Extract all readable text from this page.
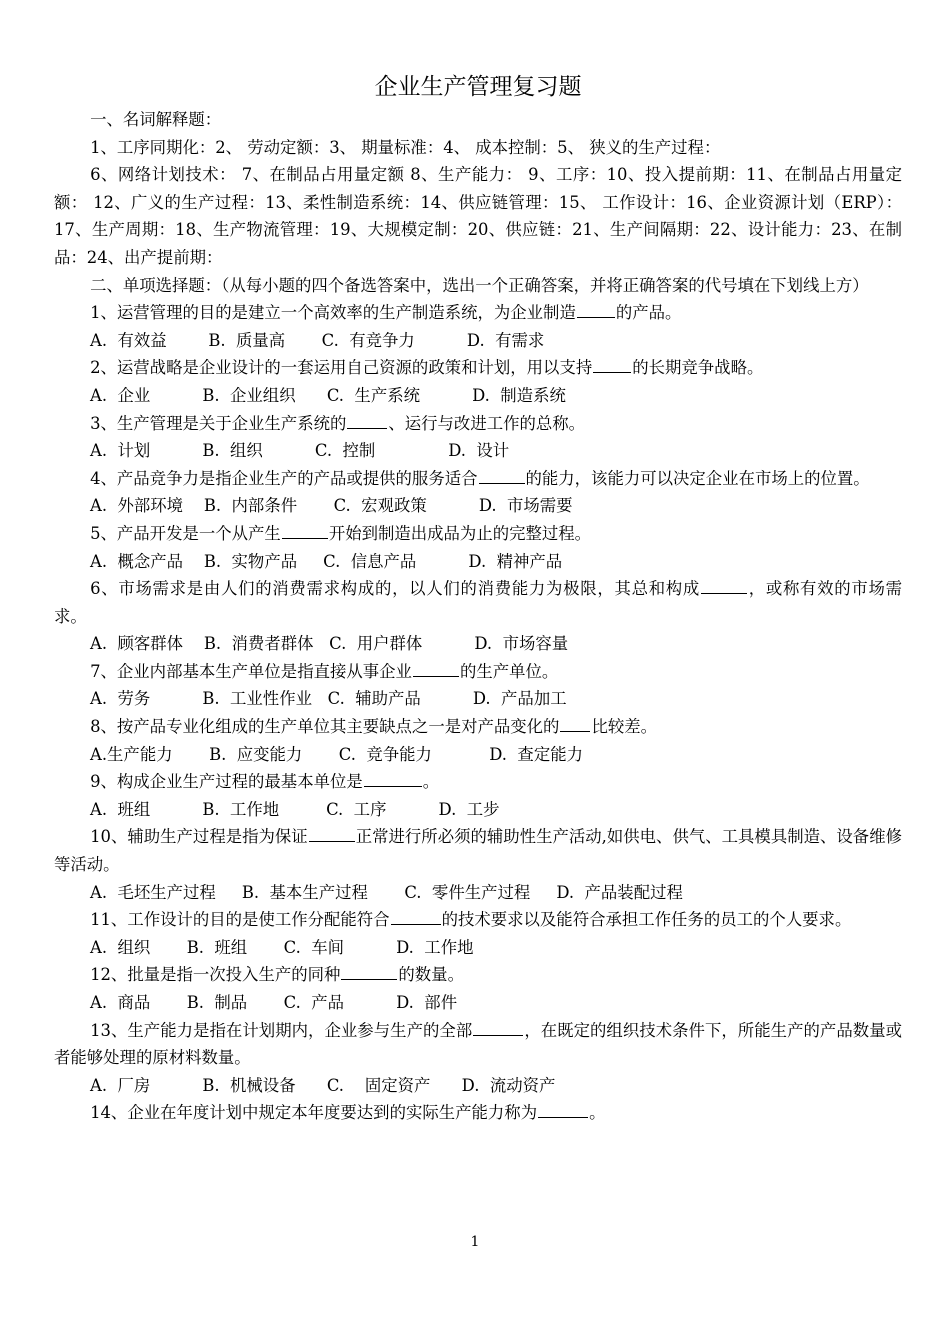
企业生产管理复习题

一、名词解释题：

1、工序同期化：2、 劳动定额：3、 期量标准：4、 成本控制：5、 狭义的生产过程：

6、网络计划技术： 7、在制品占用量定额 8、生产能力： 9、工序：10、投入提前期：11、在制品占用量定额： 12、广义的生产过程：13、柔性制造系统：14、供应链管理：15、 工作设计：16、企业资源计划（ERP）：17、生产周期：18、生产物流管理：19、大规模定制：20、供应链：21、生产间隔期：22、设计能力：23、在制品：24、出产提前期：

二、单项选择题：（从每小题的四个备选答案中，选出一个正确答案，并将正确答案的代号填在下划线上方）

1、运营管理的目的是建立一个高效率的生产制造系统，为企业制造 的产品。

A.  有效益        B.  质量高       C.  有竞争力          D.  有需求

2、运营战略是企业设计的一套运用自己资源的政策和计划，用以支持 的长期竞争战略。

A.  企业          B.  企业组织      C.  生产系统          D.  制造系统

3、生产管理是关于企业生产系统的	、运行与改进工作的总称。

A.  计划          B.  组织          C.  控制              D.  设计

4、产品竞争力是指企业生产的产品或提供的服务适合	的能力，该能力可以决定企业在市场上的位置。

A.  外部环境    B.  内部条件       C.  宏观政策          D.  市场需要

5、产品开发是一个从产生	开始到制造出成品为止的完整过程。

A.  概念产品    B.  实物产品     C.  信息产品          D.  精神产品

6、市场需求是由人们的消费需求构成的，以人们的消费能力为极限，其总和构成	，或称有效的市场需求。

A.  顾客群体    B.  消费者群体   C.  用户群体          D.  市场容量

7、企业内部基本生产单位是指直接从事企业	的生产单位。

A.  劳务          B.  工业性作业   C.  辅助产品          D.  产品加工

8、按产品专业化组成的生产单位其主要缺点之一是对产品变化的 比较差。

A.生产能力       B.  应变能力       C.  竞争能力           D.  查定能力

9、构成企业生产过程的最基本单位是	。

A.  班组          B.  工作地         C.  工序          D.  工步

10、辅助生产过程是指为保证	正常进行所必须的辅助性生产活动,如供电、供气、工具模具制造、设备维修等活动。

A.  毛坯生产过程     B.  基本生产过程       C.  零件生产过程     D.  产品装配过程

11、工作设计的目的是使工作分配能符合	的技术要求以及能符合承担工作任务的员工的个人要求。

A.  组织       B.  班组       C.  车间          D.  工作地

12、批量是指一次投入生产的同种	的数量。

A.  商品       B.  制品       C.  产品          D.  部件

13、生产能力是指在计划期内，企业参与生产的全部	，在既定的组织技术条件下，所能生产的产品数量或者能够处理的原材料数量。

A.  厂房          B.  机械设备      C.    固定资产      D.  流动资产

14、企业在年度计划中规定本年度要达到的实际生产能力称为	。

1
